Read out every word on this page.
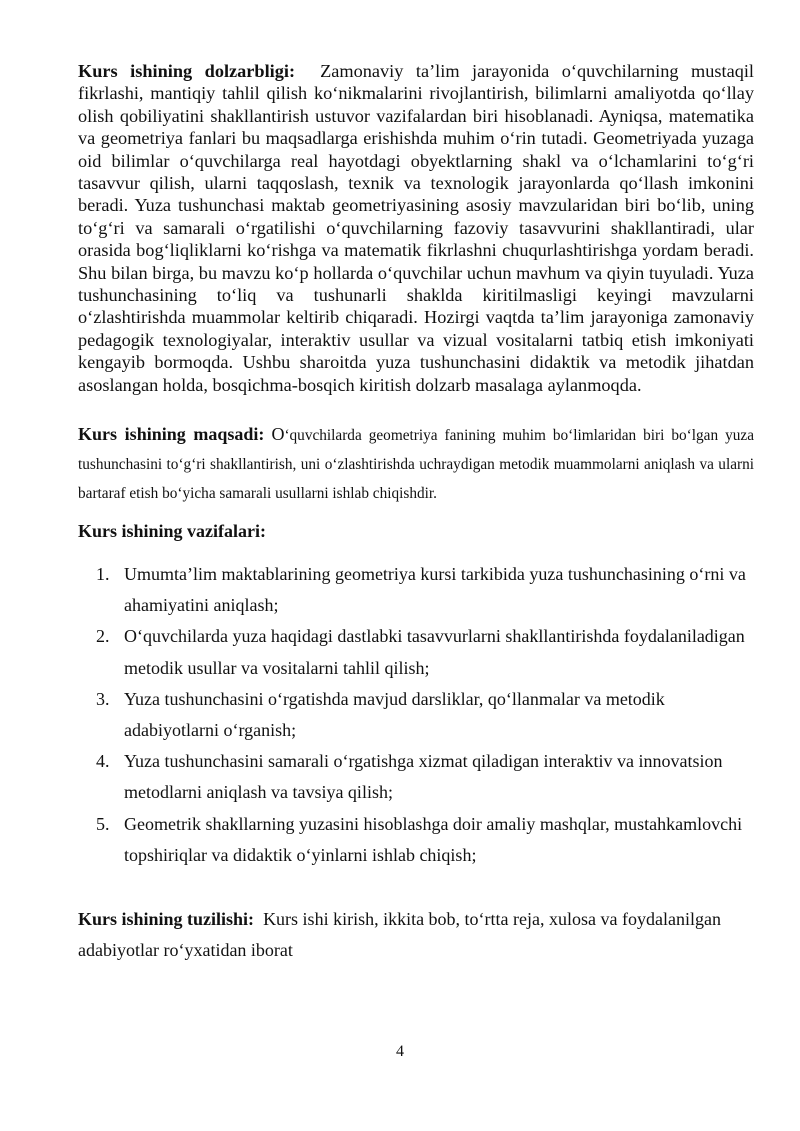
Kurs ishining dolzarbligi: Zamonaviy ta’lim jarayonida o‘quvchilarning mustaqil fikrlashi, mantiqiy tahlil qilish ko‘nikmalarini rivojlantirish, bilimlarni amaliyotda qo‘llay olish qobiliyatini shakllantirish ustuvor vazifalardan biri hisoblanadi. Ayniqsa, matematika va geometriya fanlari bu maqsadlarga erishishda muhim o‘rin tutadi. Geometriyada yuzaga oid bilimlar o‘quvchilarga real hayotdagi obyektlarning shakl va o‘lchamlarini to‘g‘ri tasavvur qilish, ularni taqqoslash, texnik va texnologik jarayonlarda qo‘llash imkonini beradi. Yuza tushunchasi maktab geometriyasining asosiy mavzularidan biri bo‘lib, uning to‘g‘ri va samarali o‘rgatilishi o‘quvchilarning fazoviy tasavvurini shakllantiradi, ular orasida bog‘liqliklarni ko‘rishga va matematik fikrlashni chuqurlashtirishga yordam beradi. Shu bilan birga, bu mavzu ko‘p hollarda o‘quvchilar uchun mavhum va qiyin tuyuladi. Yuza tushunchasining to‘liq va tushunarli shaklda kiritilmasligi keyingi mavzularni o‘zlashtirishda muammolar keltirib chiqaradi. Hozirgi vaqtda ta’lim jarayoniga zamonaviy pedagogik texnologiyalar, interaktiv usullar va vizual vositalarni tatbiq etish imkoniyati kengayib bormoqda. Ushbu sharoitda yuza tushunchasini didaktik va metodik jihatdan asoslangan holda, bosqichma-bosqich kiritish dolzarb masalaga aylanmoqda.

Kurs ishining maqsadi: O‘quvchilarda geometriya fanining muhim bo‘limlaridan biri bo‘lgan yuza tushunchasini to‘g‘ri shakllantirish, uni o‘zlashtirishda uchraydigan metodik muammolarni aniqlash va ularni bartaraf etish bo‘yicha samarali usullarni ishlab chiqishdir.

Kurs ishining vazifalari:

1. Umumta’lim maktablarining geometriya kursi tarkibida yuza tushunchasining o‘rni va ahamiyatini aniqlash;
2. O‘quvchilarda yuza haqidagi dastlabki tasavvurlarni shakllantirishda foydalaniladigan metodik usullar va vositalarni tahlil qilish;
3. Yuza tushunchasini o‘rgatishda mavjud darsliklar, qo‘llanmalar va metodik adabiyotlarni o‘rganish;
4. Yuza tushunchasini samarali o‘rgatishga xizmat qiladigan interaktiv va innovatsion metodlarni aniqlash va tavsiya qilish;
5. Geometrik shakllarning yuzasini hisoblashga doir amaliy mashqlar, mustahkamlovchi topshiriqlar va didaktik o‘yinlarni ishlab chiqish;

Kurs ishining tuzilishi: Kurs ishi kirish, ikkita bob, to‘rtta reja, xulosa va foydalanilgan adabiyotlar ro‘yxatidan iborat

4
